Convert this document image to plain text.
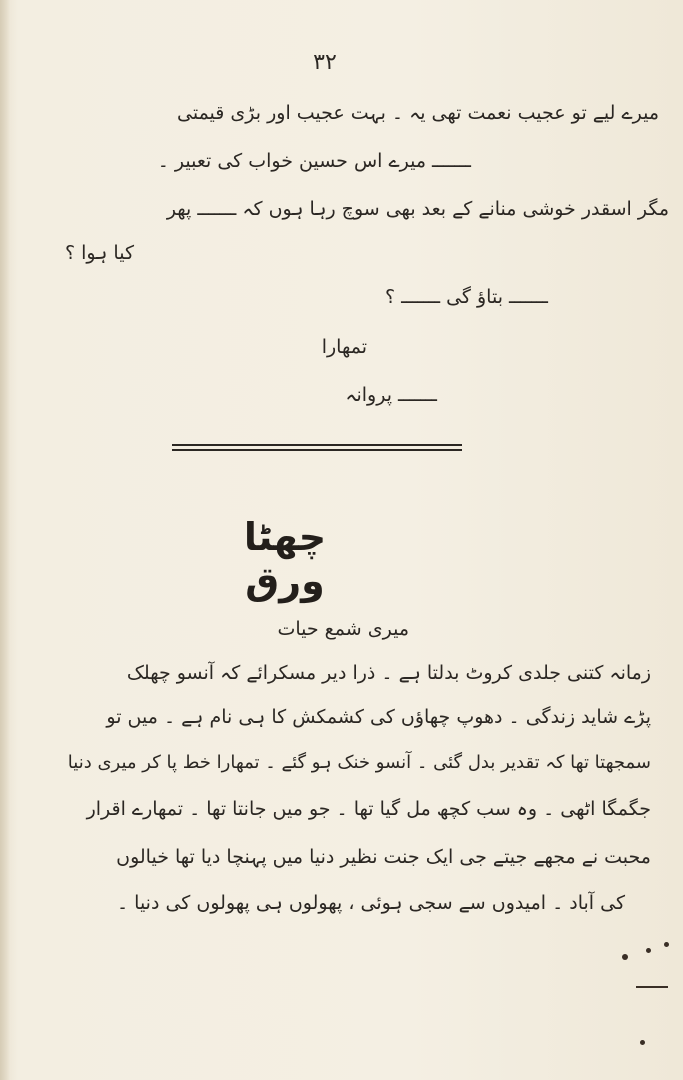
۳۲
میرے لیے تو عجیب نعمت تھی یہ ۔ بہت عجیب اور بڑی قیمتی
ـــــــ میرے اس حسین خواب کی تعبیر ۔
مگر اسقدر خوشی منانے کے بعد بھی سوچ رہا ہوں کہ ـــــــ پھر
کیا ہوا ؟
ـــــــ بتاؤ گی ـــــــ ؟
تمھارا
ـــــــ پروانہ
چھٹا ورق
میری شمع حیات
زمانہ کتنی جلدی کروٹ بدلتا ہے ۔ ذرا دیر مسکرائے کہ آنسو چھلک
پڑے شاید زندگی ۔ دھوپ چھاؤں کی کشمکش کا ہی نام ہے ۔ میں تو
سمجھتا تھا کہ تقدیر بدل گئی ۔ آنسو خنک ہو گئے ۔ تمھارا خط پا کر میری دنیا
جگمگا اٹھی ۔ وہ سب کچھ مل گیا تھا ۔ جو میں جانتا تھا ۔ تمھارے اقرار
محبت نے مجھے جیتے جی ایک جنت نظیر دنیا میں پہنچا دیا تھا خیالوں
کی آباد ۔ امیدوں سے سجی ہوئی ، پھولوں ہی پھولوں کی دنیا ۔
